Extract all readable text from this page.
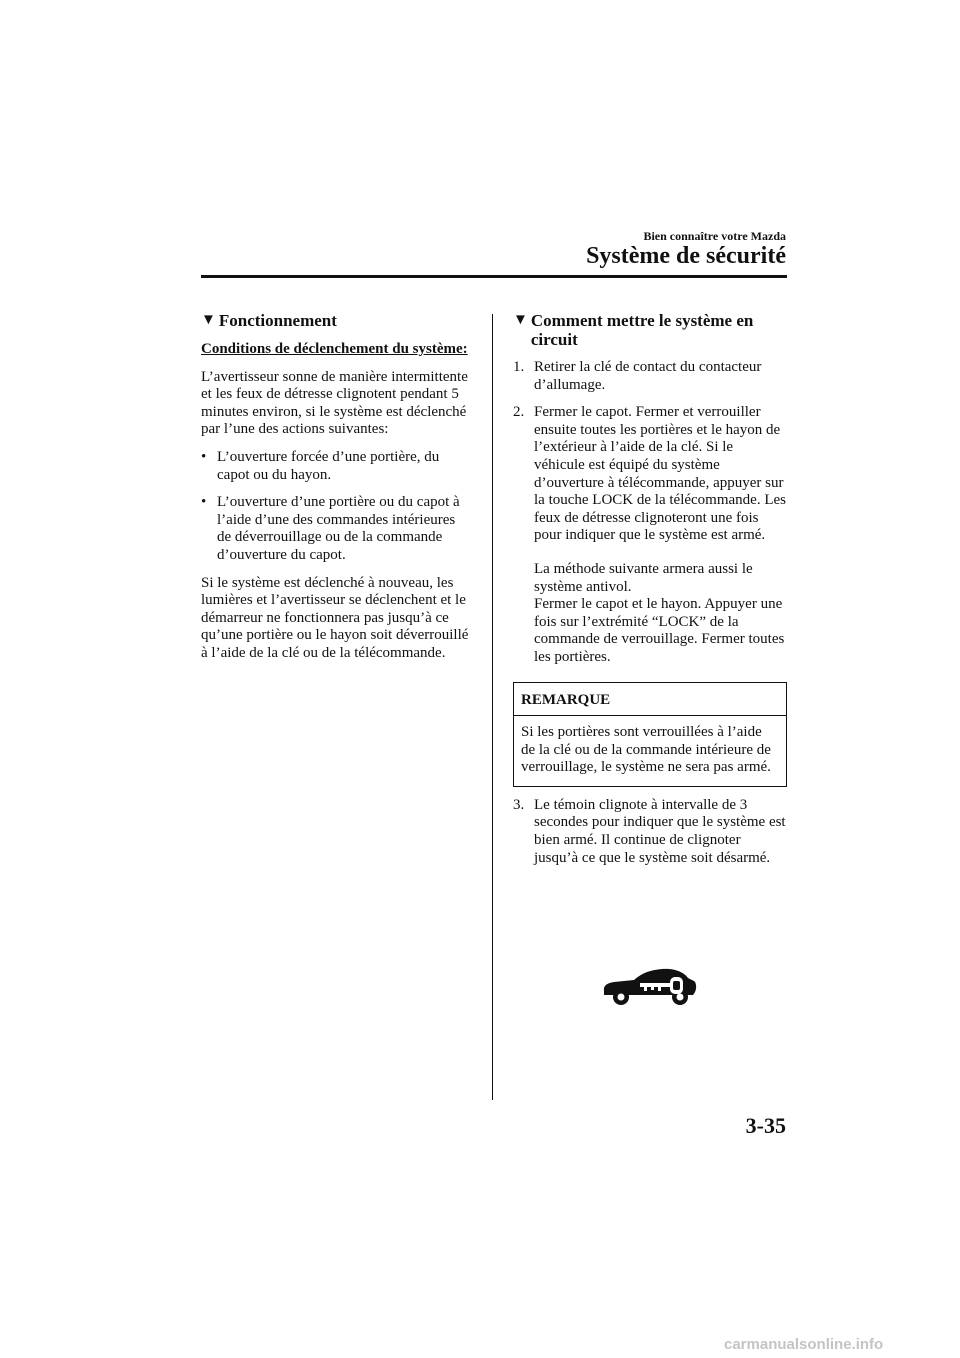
Bien connaître votre Mazda
Système de sécurité
▼ Fonctionnement

Conditions de déclenchement du système:

L’avertisseur sonne de manière intermittente et les feux de détresse clignotent pendant 5 minutes environ, si le système est déclenché par l’une des actions suivantes:

• L’ouverture forcée d’une portière, du capot ou du hayon.
• L’ouverture d’une portière ou du capot à l’aide d’une des commandes intérieures de déverrouillage ou de la commande d’ouverture du capot.

Si le système est déclenché à nouveau, les lumières et l’avertisseur se déclenchent et le démarreur ne fonctionnera pas jusqu’à ce qu’une portière ou le hayon soit déverrouillé à l’aide de la clé ou de la télécommande.

▼ Comment mettre le système en circuit
1. Retirer la clé de contact du contacteur d’allumage.
2. Fermer le capot. Fermer et verrouiller ensuite toutes les portières et le hayon de l’extérieur à l’aide de la clé. Si le véhicule est équipé du système d’ouverture à télécommande, appuyer sur la touche LOCK de la télécommande. Les feux de détresse clignoteront une fois pour indiquer que le système est armé.

La méthode suivante armera aussi le système antivol.

Fermer le capot et le hayon. Appuyer une fois sur l’extrémité “LOCK” de la commande de verrouillage. Fermer toutes les portières.

REMARQUE
Si les portières sont verrouillées à l’aide de la clé ou de la commande intérieure de verrouillage, le système ne sera pas armé.
3. Le témoin clignote à intervalle de 3 secondes pour indiquer que le système est bien armé. Il continue de clignoter jusqu’à ce que le système soit désarmé.
3-35
carmanualsonline.info
